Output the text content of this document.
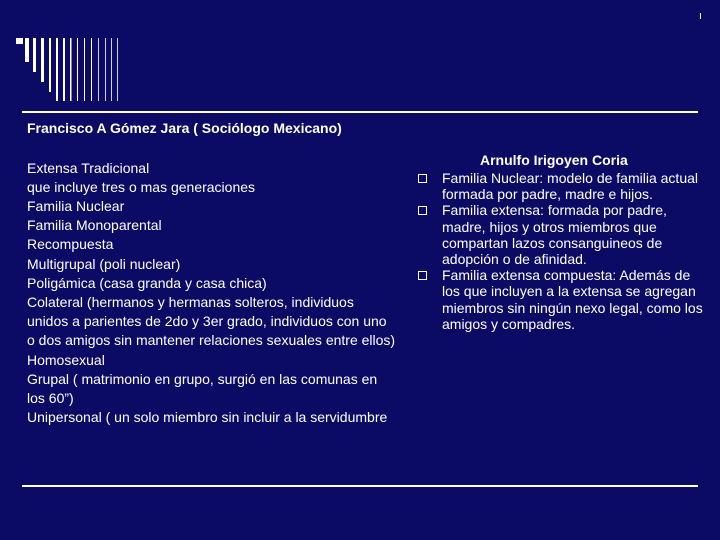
Francisco A Gómez Jara ( Sociólogo Mexicano)

Extensa Tradicional
que incluye tres o mas generaciones
Familia Nuclear
Familia Monoparental
Recompuesta
Multigrupal (poli nuclear)
Poligámica (casa granda y casa chica)
Colateral (hermanos y hermanas solteros, individuos unidos a parientes de 2do y 3er grado, individuos con uno o dos amigos sin mantener relaciones sexuales entre ellos)
Homosexual
Grupal ( matrimonio en grupo, surgió en las comunas en los 60”)
Unipersonal ( un solo miembro sin incluir a la servidumbre

Arnulfo Irigoyen Coria

Familia Nuclear: modelo de familia actual formada por padre, madre e hijos.
Familia extensa: formada por padre, madre, hijos y otros miembros que compartan lazos consanguineos de adopción o de afinidad.
Familia extensa compuesta: Además de los que incluyen a la extensa se agregan miembros sin ningún nexo legal, como los amigos y compadres.
